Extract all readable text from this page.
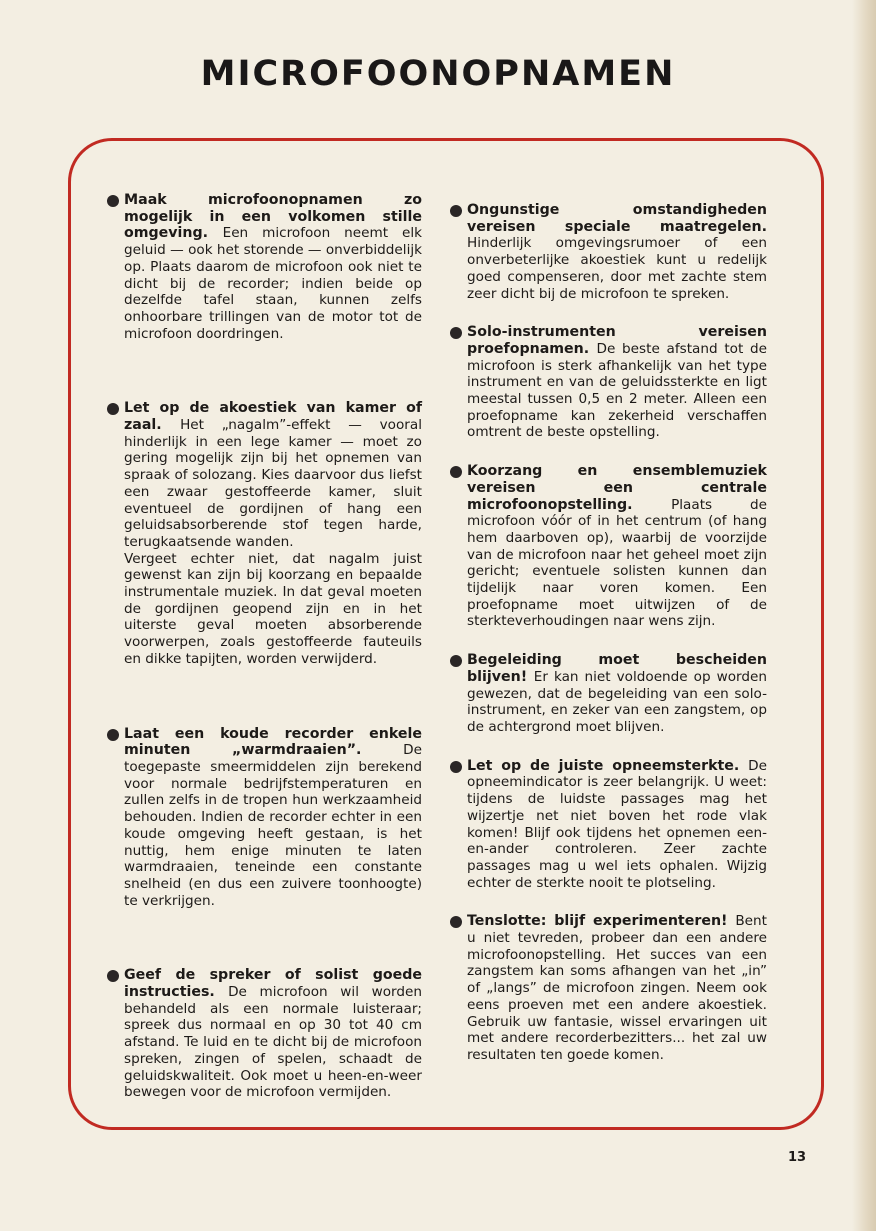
MICROFOONOPNAMEN
Maak microfoonopnamen zo mogelijk in een volkomen stille omgeving. Een microfoon neemt elk geluid — ook het storende — onverbiddelijk op. Plaats daarom de microfoon ook niet te dicht bij de recorder; indien beide op dezelfde tafel staan, kunnen zelfs onhoorbare trillingen van de motor tot de microfoon doordringen.
Let op de akoestiek van kamer of zaal. Het „nagalm”-effekt — vooral hinderlijk in een lege kamer — moet zo gering mogelijk zijn bij het opnemen van spraak of solozang. Kies daarvoor dus liefst een zwaar gestoffeerde kamer, sluit eventueel de gordijnen of hang een geluidsabsorberende stof tegen harde, terugkaatsende wanden.
Vergeet echter niet, dat nagalm juist gewenst kan zijn bij koorzang en bepaalde instrumentale muziek. In dat geval moeten de gordijnen geopend zijn en in het uiterste geval moeten absorberende voorwerpen, zoals gestoffeerde fauteuils en dikke tapijten, worden verwijderd.
Laat een koude recorder enkele minuten „warmdraaien”. De toegepaste smeermiddelen zijn berekend voor normale bedrijfstemperaturen en zullen zelfs in de tropen hun werkzaamheid behouden. Indien de recorder echter in een koude omgeving heeft gestaan, is het nuttig, hem enige minuten te laten warmdraaien, teneinde een constante snelheid (en dus een zuivere toonhoogte) te verkrijgen.
Geef de spreker of solist goede instructies. De microfoon wil worden behandeld als een normale luisteraar; spreek dus normaal en op 30 tot 40 cm afstand. Te luid en te dicht bij de microfoon spreken, zingen of spelen, schaadt de geluidskwaliteit. Ook moet u heen-en-weer bewegen voor de microfoon vermijden.
Ongunstige omstandigheden vereisen speciale maatregelen. Hinderlijk omgevingsrumoer of een onverbeterlijke akoestiek kunt u redelijk goed compenseren, door met zachte stem zeer dicht bij de microfoon te spreken.
Solo-instrumenten vereisen proefopnamen. De beste afstand tot de microfoon is sterk afhankelijk van het type instrument en van de geluidssterkte en ligt meestal tussen 0,5 en 2 meter. Alleen een proefopname kan zekerheid verschaffen omtrent de beste opstelling.
Koorzang en ensemblemuziek vereisen een centrale microfoonopstelling. Plaats de microfoon vóór of in het centrum (of hang hem daarboven op), waarbij de voorzijde van de microfoon naar het geheel moet zijn gericht; eventuele solisten kunnen dan tijdelijk naar voren komen. Een proefopname moet uitwijzen of de sterkteverhoudingen naar wens zijn.
Begeleiding moet bescheiden blijven! Er kan niet voldoende op worden gewezen, dat de begeleiding van een solo-instrument, en zeker van een zangstem, op de achtergrond moet blijven.
Let op de juiste opneemsterkte. De opneemindicator is zeer belangrijk. U weet: tijdens de luidste passages mag het wijzertje net niet boven het rode vlak komen! Blijf ook tijdens het opnemen een-en-ander controleren. Zeer zachte passages mag u wel iets ophalen. Wijzig echter de sterkte nooit te plotseling.
Tenslotte: blijf experimenteren! Bent u niet tevreden, probeer dan een andere microfoonopstelling. Het succes van een zangstem kan soms afhangen van het „in” of „langs” de microfoon zingen. Neem ook eens proeven met een andere akoestiek. Gebruik uw fantasie, wissel ervaringen uit met andere recorderbezitters... het zal uw resultaten ten goede komen.
13
